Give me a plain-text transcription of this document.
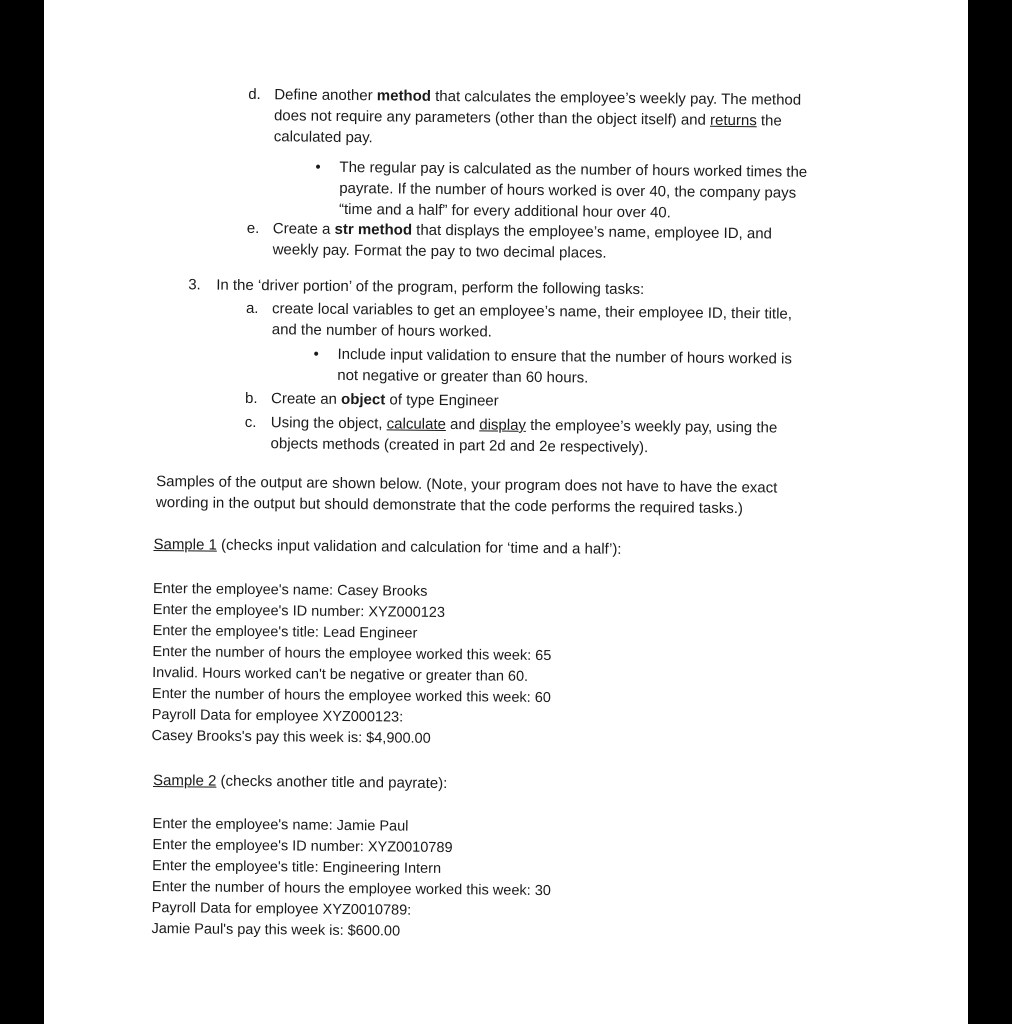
d. Define another method that calculates the employee’s weekly pay. The method
does not require any parameters (other than the object itself) and returns the
calculated pay.
• The regular pay is calculated as the number of hours worked times the
payrate. If the number of hours worked is over 40, the company pays
“time and a half” for every additional hour over 40.
e. Create a str method that displays the employee’s name, employee ID, and
weekly pay. Format the pay to two decimal places.
3. In the ‘driver portion’ of the program, perform the following tasks:
a. create local variables to get an employee’s name, their employee ID, their title,
and the number of hours worked.
• Include input validation to ensure that the number of hours worked is
not negative or greater than 60 hours.
b. Create an object of type Engineer
c. Using the object, calculate and display the employee’s weekly pay, using the
objects methods (created in part 2d and 2e respectively).
Samples of the output are shown below. (Note, your program does not have to have the exact
wording in the output but should demonstrate that the code performs the required tasks.)
Sample 1 (checks input validation and calculation for ‘time and a half’):
Enter the employee's name: Casey Brooks
Enter the employee's ID number: XYZ000123
Enter the employee's title: Lead Engineer
Enter the number of hours the employee worked this week: 65
Invalid. Hours worked can't be negative or greater than 60.
Enter the number of hours the employee worked this week: 60
Payroll Data for employee XYZ000123:
Casey Brooks's pay this week is: $4,900.00
Sample 2 (checks another title and payrate):
Enter the employee's name: Jamie Paul
Enter the employee's ID number: XYZ0010789
Enter the employee's title: Engineering Intern
Enter the number of hours the employee worked this week: 30
Payroll Data for employee XYZ0010789:
Jamie Paul's pay this week is: $600.00
